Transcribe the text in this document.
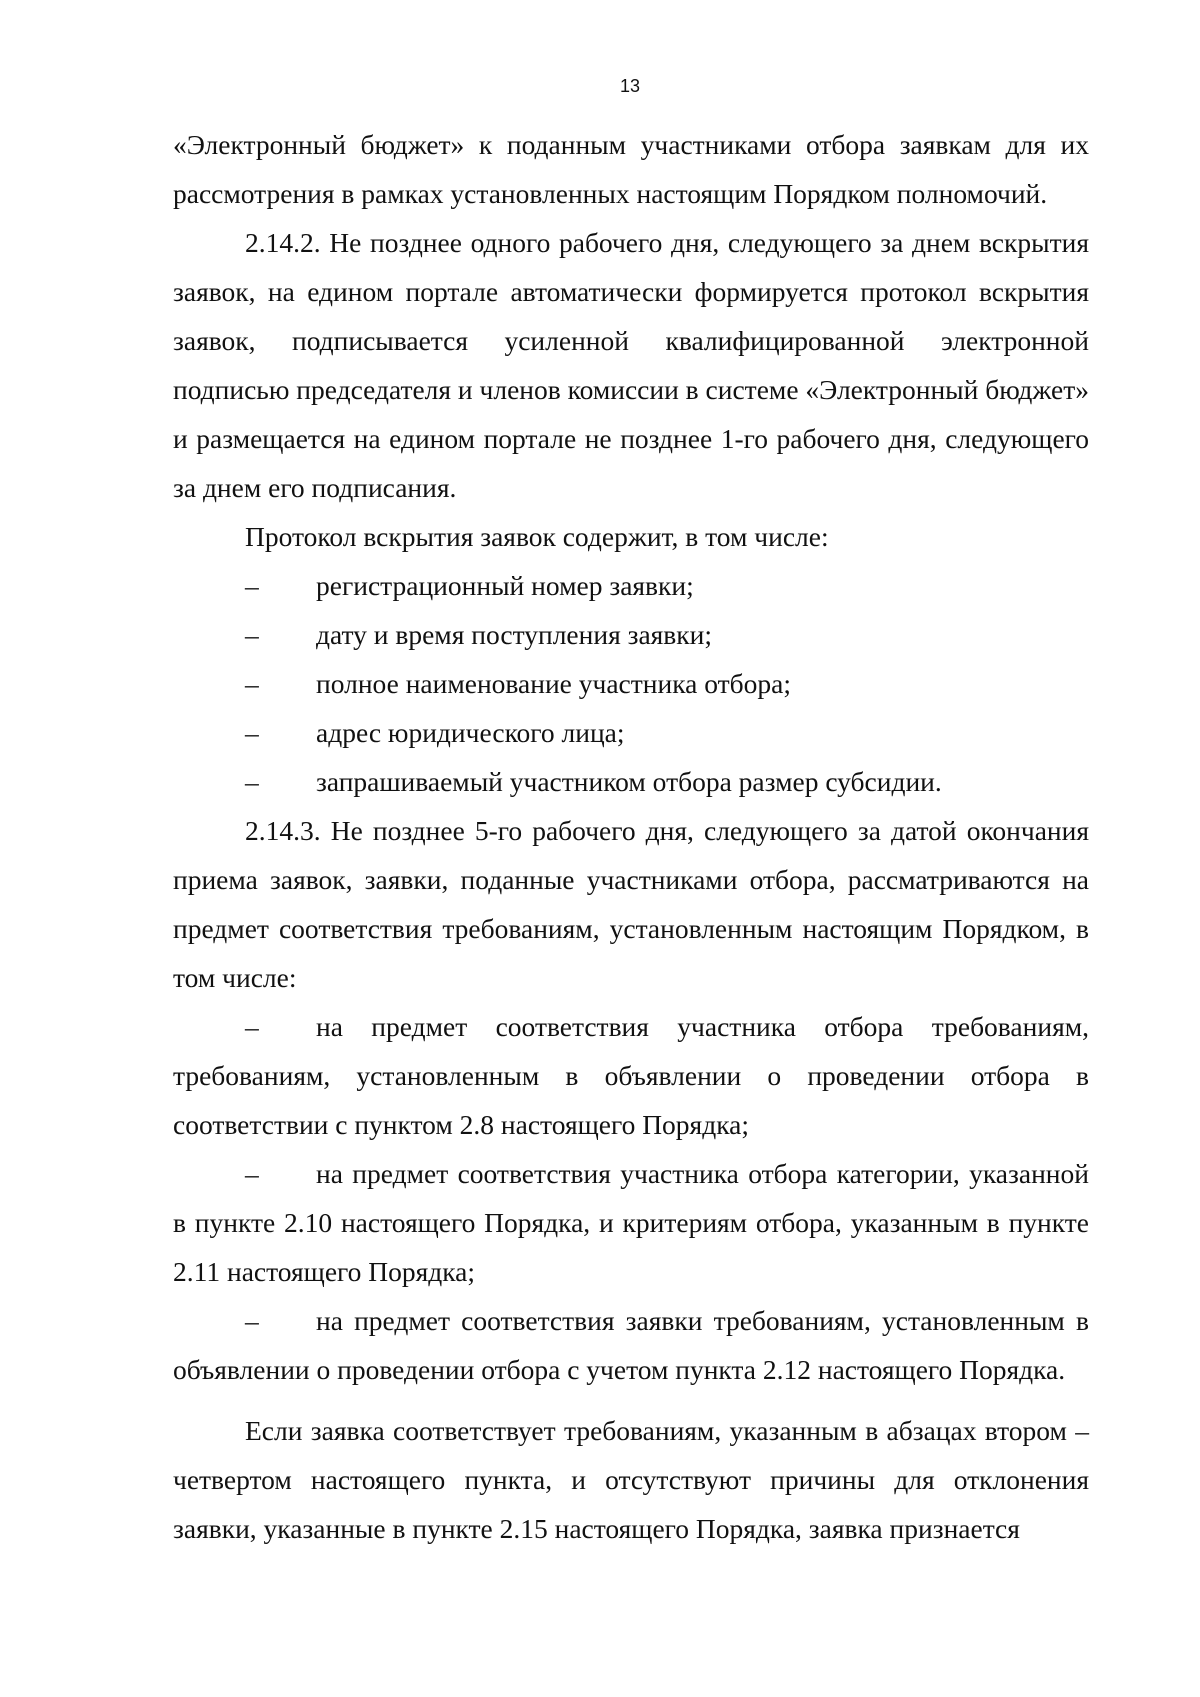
13

«Электронный бюджет» к поданным участниками отбора заявкам для их рассмотрения в рамках установленных настоящим Порядком полномочий.

2.14.2. Не позднее одного рабочего дня, следующего за днем вскрытия заявок, на едином портале автоматически формируется протокол вскрытия заявок, подписывается усиленной квалифицированной электронной подписью председателя и членов комиссии в системе «Электронный бюджет» и размещается на едином портале не позднее 1-го рабочего дня, следующего за днем его подписания.

Протокол вскрытия заявок содержит, в том числе:

– регистрационный номер заявки;

– дату и время поступления заявки;

– полное наименование участника отбора;

– адрес юридического лица;

– запрашиваемый участником отбора размер субсидии.

2.14.3. Не позднее 5-го рабочего дня, следующего за датой окончания приема заявок, заявки, поданные участниками отбора, рассматриваются на предмет соответствия требованиям, установленным настоящим Порядком, в том числе:

– на предмет соответствия участника отбора требованиям, требованиям, установленным в объявлении о проведении отбора в соответствии с пунктом 2.8 настоящего Порядка;

– на предмет соответствия участника отбора категории, указанной в пункте 2.10 настоящего Порядка, и критериям отбора, указанным в пункте 2.11 настоящего Порядка;

– на предмет соответствия заявки требованиям, установленным в объявлении о проведении отбора с учетом пункта 2.12 настоящего Порядка.

Если заявка соответствует требованиям, указанным в абзацах втором – четвертом настоящего пункта, и отсутствуют причины для отклонения заявки, указанные в пункте 2.15 настоящего Порядка, заявка признается
